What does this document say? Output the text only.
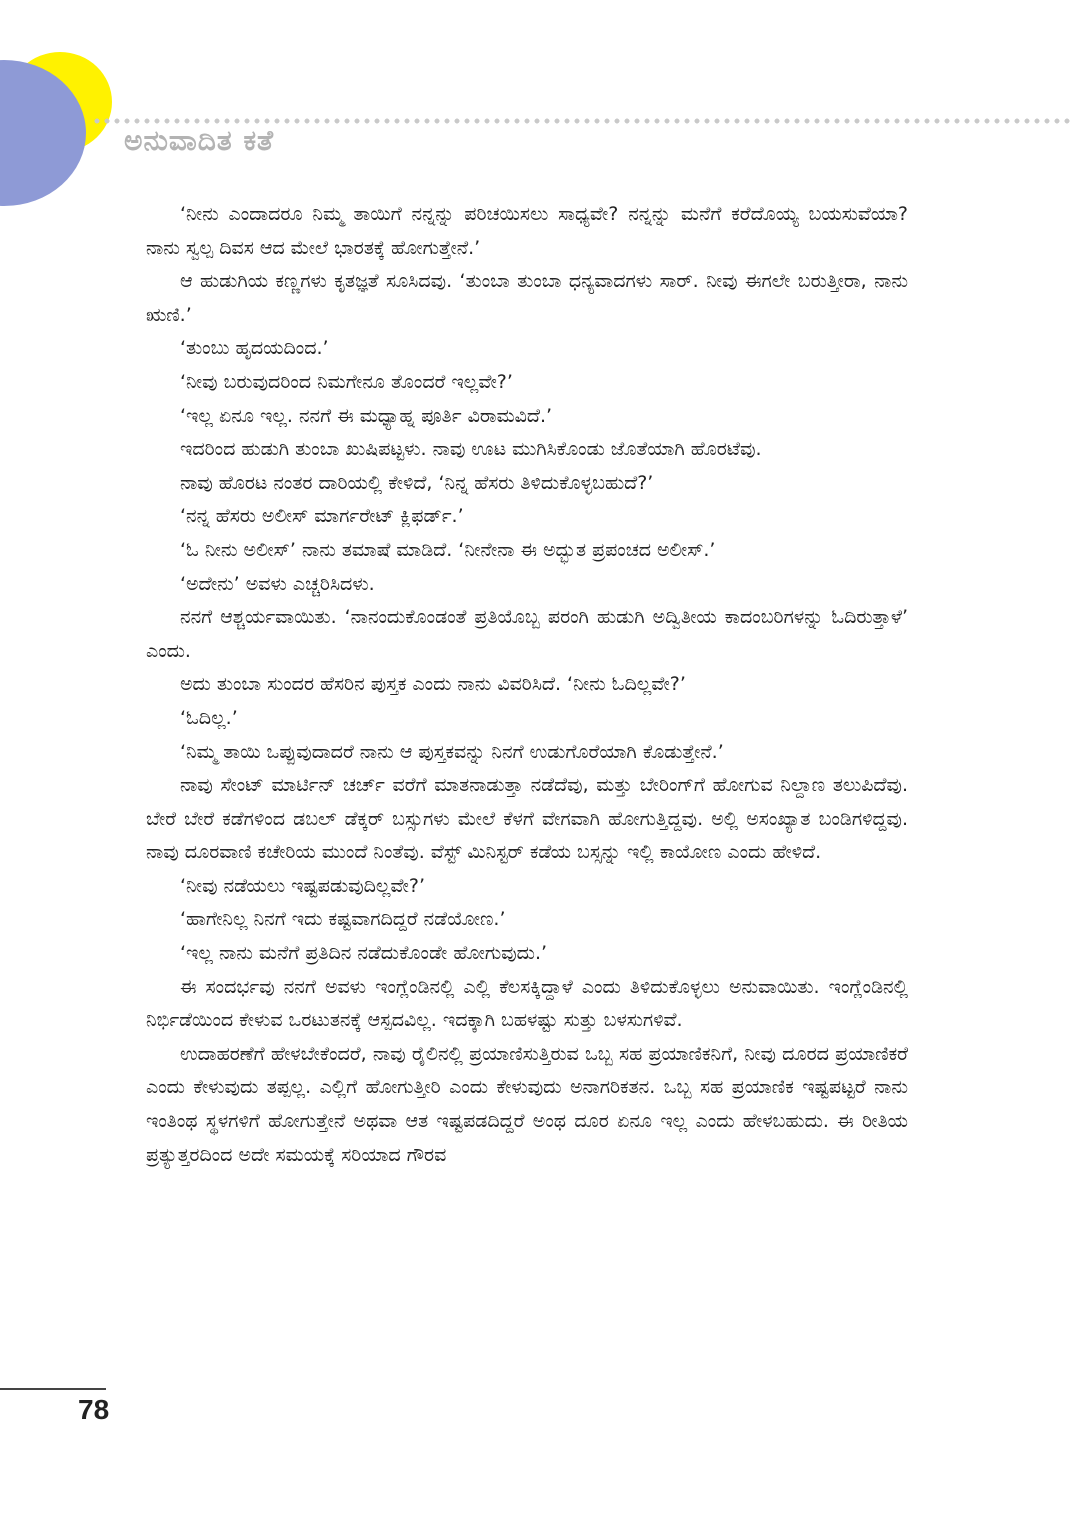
ಅನುವಾದಿತ ಕತೆ

‘ನೀನು ಎಂದಾದರೂ ನಿಮ್ಮ ತಾಯಿಗೆ ನನ್ನನ್ನು ಪರಿಚಯಿಸಲು ಸಾಧ್ಯವೇ? ನನ್ನನ್ನು ಮನೆಗೆ ಕರೆದೊಯ್ಯ ಬಯಸುವೆಯಾ? ನಾನು ಸ್ವಲ್ಪ ದಿವಸ ಆದ ಮೇಲೆ ಭಾರತಕ್ಕೆ ಹೋಗುತ್ತೇನೆ.’

ಆ ಹುಡುಗಿಯ ಕಣ್ಣಗಳು ಕೃತಜ್ಞತೆ ಸೂಸಿದವು. ‘ತುಂಬಾ ತುಂಬಾ ಧನ್ಯವಾದಗಳು ಸಾರ್. ನೀವು ಈಗಲೇ ಬರುತ್ತೀರಾ, ನಾನು ಋಣಿ.’

‘ತುಂಬು ಹೃದಯದಿಂದ.’

‘ನೀವು ಬರುವುದರಿಂದ ನಿಮಗೇನೂ ತೊಂದರೆ ಇಲ್ಲವೇ?’

‘ಇಲ್ಲ ಏನೂ ಇಲ್ಲ. ನನಗೆ ಈ ಮಧ್ಯಾಹ್ನ ಪೂರ್ತಿ ವಿರಾಮವಿದೆ.’

ಇದರಿಂದ ಹುಡುಗಿ ತುಂಬಾ ಖುಷಿಪಟ್ಟಳು. ನಾವು ಊಟ ಮುಗಿಸಿಕೊಂಡು ಜೊತೆಯಾಗಿ ಹೊರಟೆವು.

ನಾವು ಹೊರಟ ನಂತರ ದಾರಿಯಲ್ಲಿ ಕೇಳಿದೆ, ‘ನಿನ್ನ ಹೆಸರು ತಿಳಿದುಕೊಳ್ಳಬಹುದೆ?’

‘ನನ್ನ ಹೆಸರು ಅಲೀಸ್ ಮಾರ್ಗರೇಟ್ ಕ್ಲಿಫರ್ಡ್.’

‘ಓ ನೀನು ಅಲೀಸ್’ ನಾನು ತಮಾಷೆ ಮಾಡಿದೆ. ‘ನೀನೇನಾ ಈ ಅದ್ಭುತ ಪ್ರಪಂಚದ ಅಲೀಸ್.’

‘ಅದೇನು’ ಅವಳು ಎಚ್ಚರಿಸಿದಳು.

ನನಗೆ ಆಶ್ಚರ್ಯವಾಯಿತು. ‘ನಾನಂದುಕೊಂಡಂತೆ ಪ್ರತಿಯೊಬ್ಬ ಪರಂಗಿ ಹುಡುಗಿ ಅದ್ವಿತೀಯ ಕಾದಂಬರಿಗಳನ್ನು ಓದಿರುತ್ತಾಳೆ’ ಎಂದು.

ಅದು ತುಂಬಾ ಸುಂದರ ಹೆಸರಿನ ಪುಸ್ತಕ ಎಂದು ನಾನು ವಿವರಿಸಿದೆ. ‘ನೀನು ಓದಿಲ್ಲವೇ?’

‘ಓದಿಲ್ಲ.’

‘ನಿಮ್ಮ ತಾಯಿ ಒಪ್ಪುವುದಾದರೆ ನಾನು ಆ ಪುಸ್ತಕವನ್ನು ನಿನಗೆ ಉಡುಗೊರೆಯಾಗಿ ಕೊಡುತ್ತೇನೆ.’

ನಾವು ಸೇಂಟ್ ಮಾರ್ಟಿನ್ ಚರ್ಚ್ ವರೆಗೆ ಮಾತನಾಡುತ್ತಾ ನಡೆದೆವು, ಮತ್ತು ಬೇರಿಂಗ್‌ಗೆ ಹೋಗುವ ನಿಲ್ದಾಣ ತಲುಪಿದೆವು. ಬೇರೆ ಬೇರೆ ಕಡೆಗಳಿಂದ ಡಬಲ್ ಡೆಕ್ಕರ್ ಬಸ್ಸುಗಳು ಮೇಲೆ ಕೆಳಗೆ ವೇಗವಾಗಿ ಹೋಗುತ್ತಿದ್ದವು. ಅಲ್ಲಿ ಅಸಂಖ್ಯಾತ ಬಂಡಿಗಳಿದ್ದವು. ನಾವು ದೂರವಾಣಿ ಕಚೇರಿಯ ಮುಂದೆ ನಿಂತೆವು. ವೆಸ್ಟ್ ಮಿನಿಸ್ಟರ್ ಕಡೆಯ ಬಸ್ಸನ್ನು ಇಲ್ಲಿ ಕಾಯೋಣ ಎಂದು ಹೇಳಿದೆ.

‘ನೀವು ನಡೆಯಲು ಇಷ್ಟಪಡುವುದಿಲ್ಲವೇ?’

‘ಹಾಗೇನಿಲ್ಲ ನಿನಗೆ ಇದು ಕಷ್ಟವಾಗದಿದ್ದರೆ ನಡೆಯೋಣ.’

‘ಇಲ್ಲ ನಾನು ಮನೆಗೆ ಪ್ರತಿದಿನ ನಡೆದುಕೊಂಡೇ ಹೋಗುವುದು.’

ಈ ಸಂದರ್ಭವು ನನಗೆ ಅವಳು ಇಂಗ್ಲೆಂಡಿನಲ್ಲಿ ಎಲ್ಲಿ ಕೆಲಸಕ್ಕಿದ್ದಾಳೆ ಎಂದು ತಿಳಿದುಕೊಳ್ಳಲು ಅನುವಾಯಿತು. ಇಂಗ್ಲೆಂಡಿನಲ್ಲಿ ನಿರ್ಭಿಡೆಯಿಂದ ಕೇಳುವ ಒರಟುತನಕ್ಕೆ ಆಸ್ಪದವಿಲ್ಲ. ಇದಕ್ಕಾಗಿ ಬಹಳಷ್ಟು ಸುತ್ತು ಬಳಸುಗಳಿವೆ.

ಉದಾಹರಣೆಗೆ ಹೇಳಬೇಕೆಂದರೆ, ನಾವು ರೈಲಿನಲ್ಲಿ ಪ್ರಯಾಣಿಸುತ್ತಿರುವ ಒಬ್ಬ ಸಹ ಪ್ರಯಾಣಿಕನಿಗೆ, ನೀವು ದೂರದ ಪ್ರಯಾಣಿಕರೆ ಎಂದು ಕೇಳುವುದು ತಪ್ಪಲ್ಲ. ಎಲ್ಲಿಗೆ ಹೋಗುತ್ತೀರಿ ಎಂದು ಕೇಳುವುದು ಅನಾಗರಿಕತನ. ಒಬ್ಬ ಸಹ ಪ್ರಯಾಣಿಕ ಇಷ್ಟಪಟ್ಟರೆ ನಾನು ಇಂತಿಂಥ ಸ್ಥಳಗಳಿಗೆ ಹೋಗುತ್ತೇನೆ ಅಥವಾ ಆತ ಇಷ್ಟಪಡದಿದ್ದರೆ ಅಂಥ ದೂರ ಏನೂ ಇಲ್ಲ ಎಂದು ಹೇಳಬಹುದು. ಈ ರೀತಿಯ ಪ್ರತ್ಯುತ್ತರದಿಂದ ಅದೇ ಸಮಯಕ್ಕೆ ಸರಿಯಾದ ಗೌರವ

78
